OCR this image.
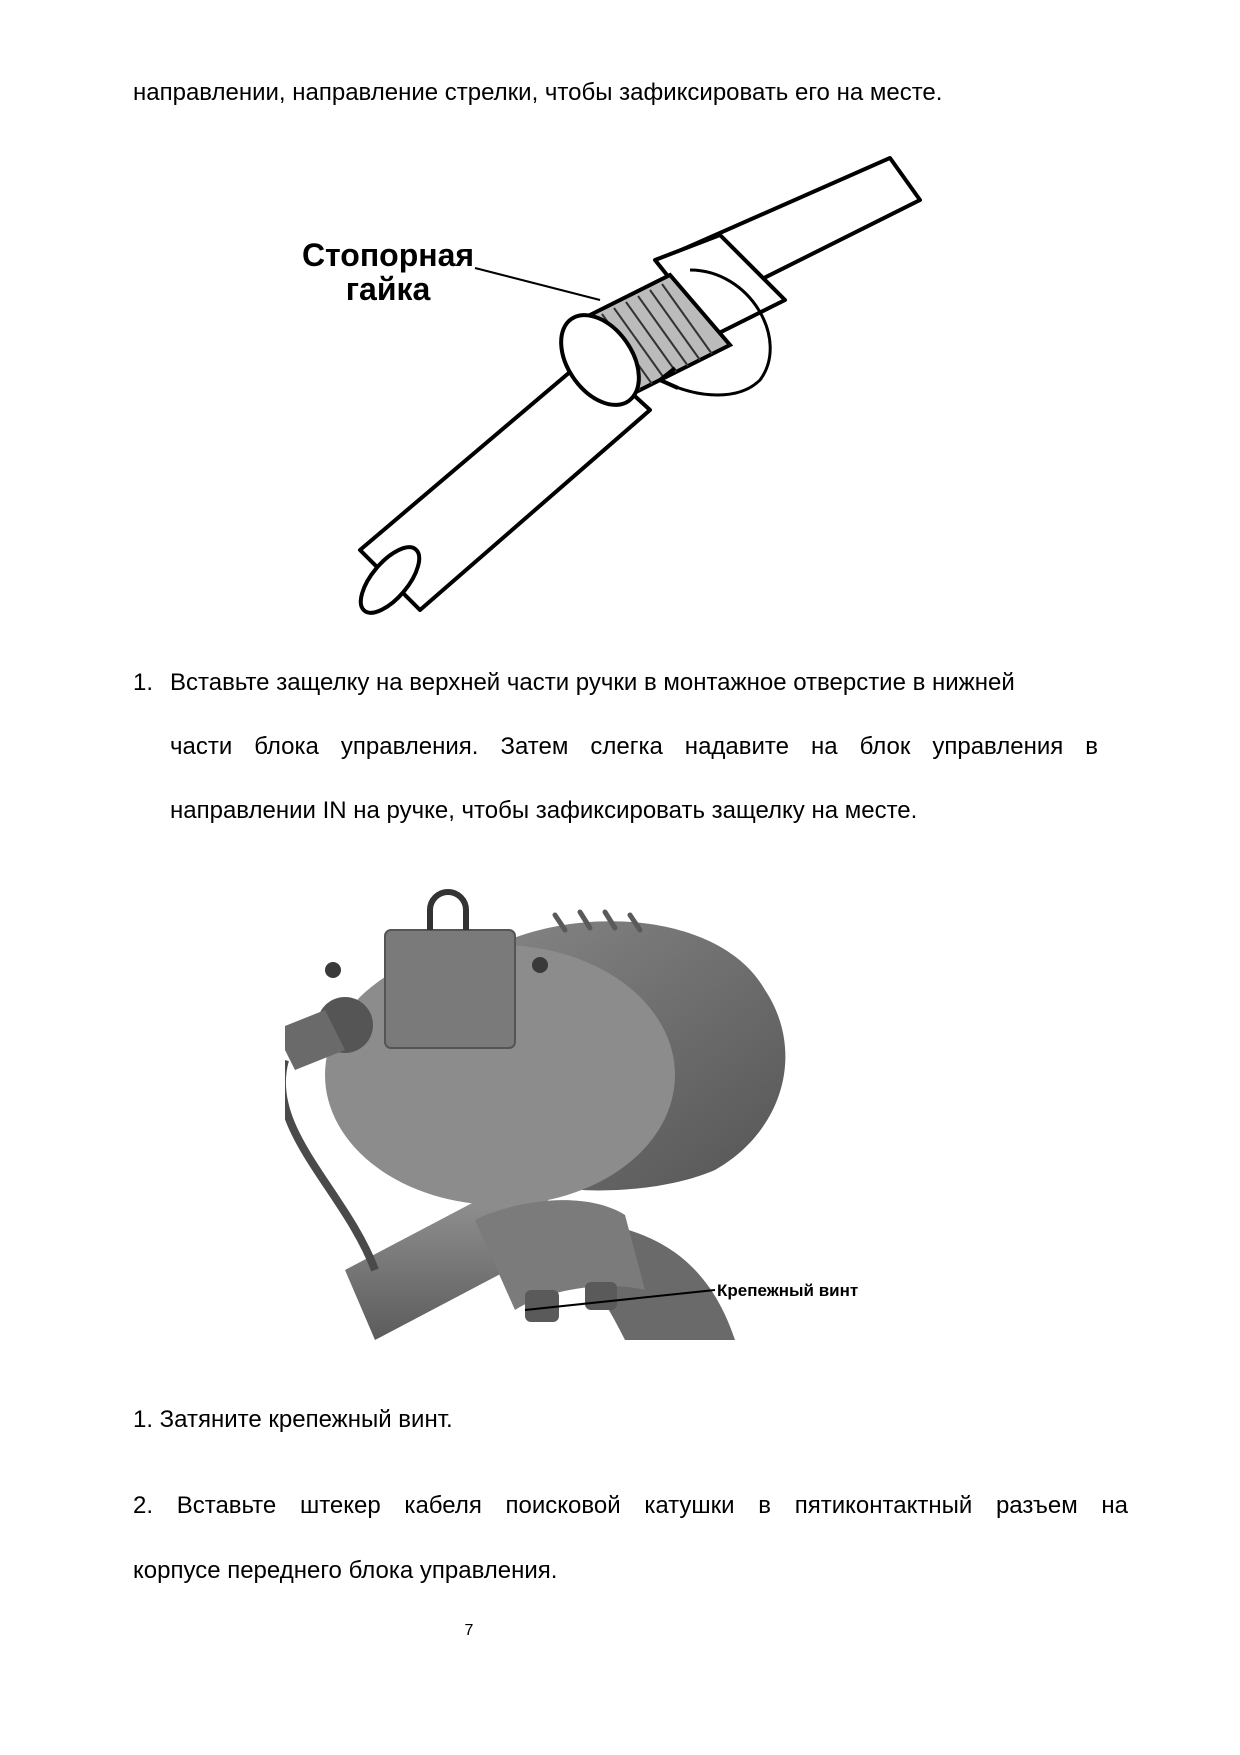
направлении, направление стрелки, чтобы зафиксировать его на месте.
Стопорная
гайка
1. Вставьте защелку на верхней части ручки в монтажное отверстие в нижней
части блока управления. Затем слегка надавите на блок управления в
направлении IN на ручке, чтобы зафиксировать защелку на месте.
Крепежный винт
1. Затяните крепежный винт.
2. Вставьте штекер кабеля поисковой катушки в пятиконтактный разъем на
корпусе переднего блока управления.
7
